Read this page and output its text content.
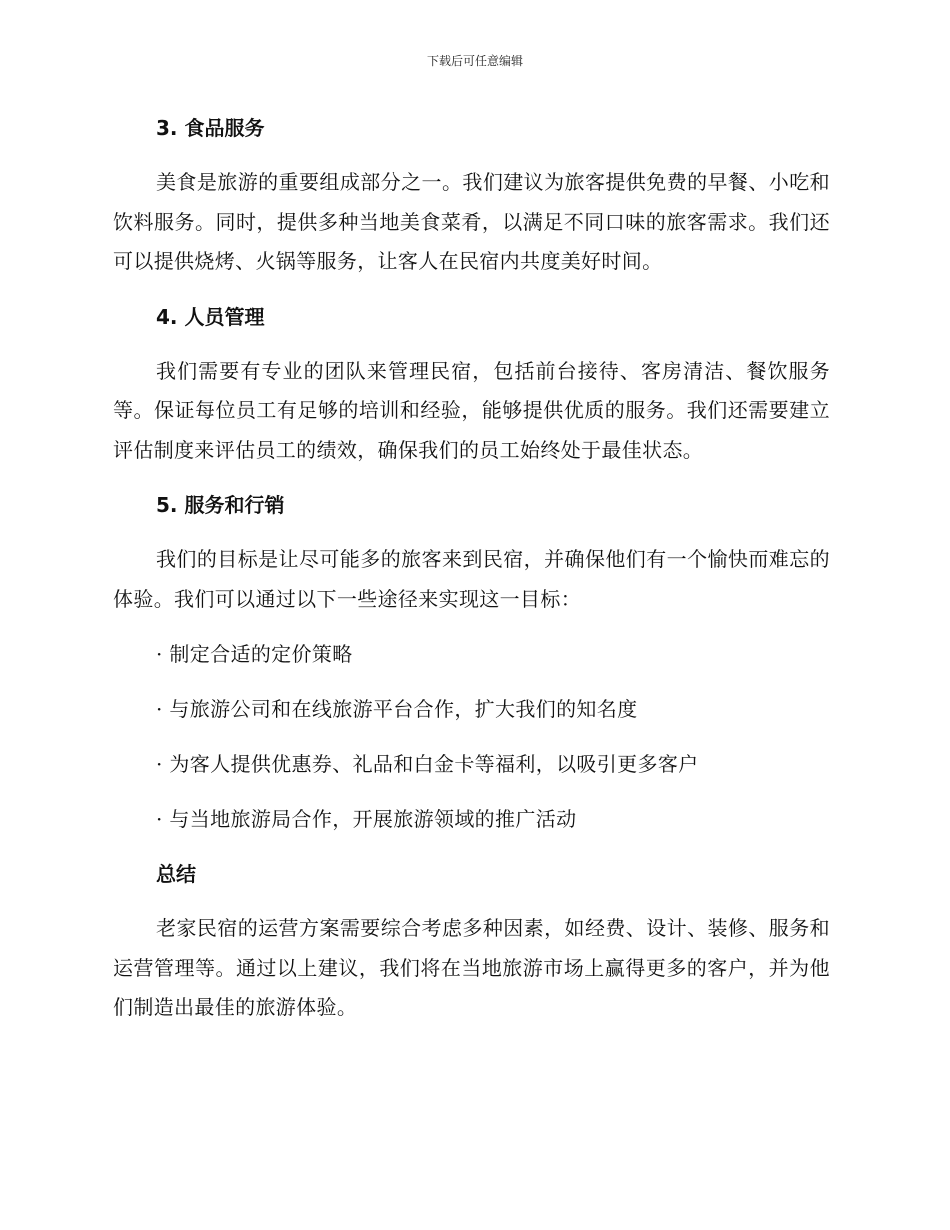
下载后可任意编辑
3. 食品服务

美食是旅游的重要组成部分之一。我们建议为旅客提供免费的早餐、小吃和饮料服务。同时，提供多种当地美食菜肴，以满足不同口味的旅客需求。我们还可以提供烧烤、火锅等服务，让客人在民宿内共度美好时间。

4. 人员管理

我们需要有专业的团队来管理民宿，包括前台接待、客房清洁、餐饮服务等。保证每位员工有足够的培训和经验，能够提供优质的服务。我们还需要建立评估制度来评估员工的绩效，确保我们的员工始终处于最佳状态。

5. 服务和行销

我们的目标是让尽可能多的旅客来到民宿，并确保他们有一个愉快而难忘的体验。我们可以通过以下一些途径来实现这一目标：

· 制定合适的定价策略
· 与旅游公司和在线旅游平台合作，扩大我们的知名度
· 为客人提供优惠券、礼品和白金卡等福利，以吸引更多客户
· 与当地旅游局合作，开展旅游领域的推广活动
总结

老家民宿的运营方案需要综合考虑多种因素，如经费、设计、装修、服务和运营管理等。通过以上建议，我们将在当地旅游市场上赢得更多的客户，并为他们制造出最佳的旅游体验。
